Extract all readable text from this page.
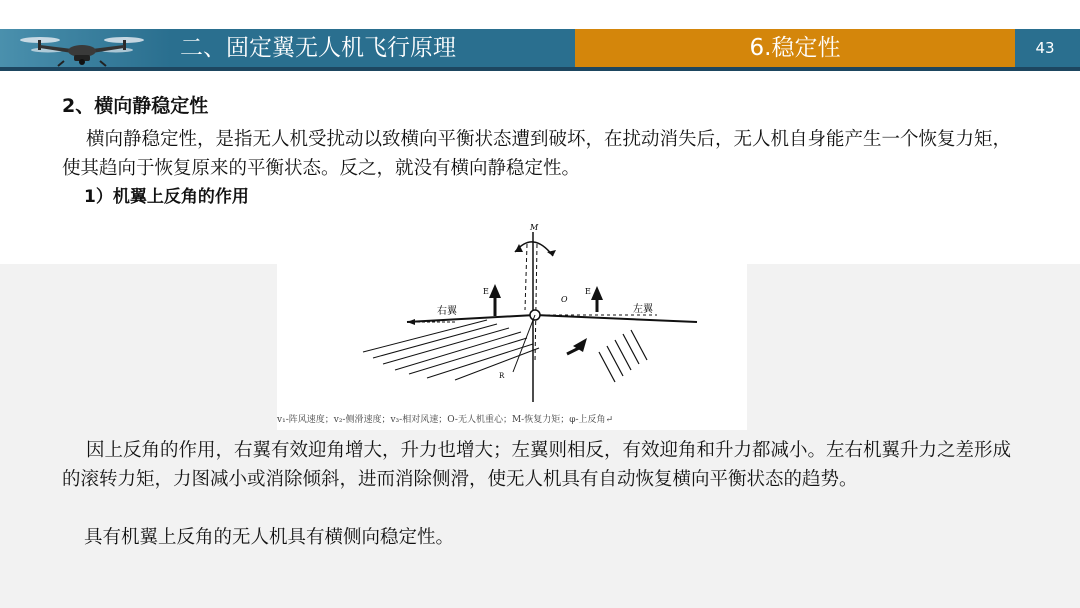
二、固定翼无人机飞行原理	6.稳定性	43
2、横向静稳定性

横向静稳定性，是指无人机受扰动以致横向平衡状态遭到破坏，在扰动消失后，无人机自身能产生一个恢复力矩，使其趋向于恢复原来的平衡状态。反之，就没有横向静稳定性。

1）机翼上反角的作用
右翼	左翼
M
O
E	E
R
v₁-阵风速度；v₂-侧滑速度；v₃-相对风速；O-无人机重心；M-恢复力矩；φ-上反角↵

因上反角的作用，右翼有效迎角增大，升力也增大；左翼则相反，有效迎角和升力都减小。左右机翼升力之差形成的滚转力矩，力图减小或消除倾斜，进而消除侧滑，使无人机具有自动恢复横向平衡状态的趋势。

具有机翼上反角的无人机具有横侧向稳定性。
